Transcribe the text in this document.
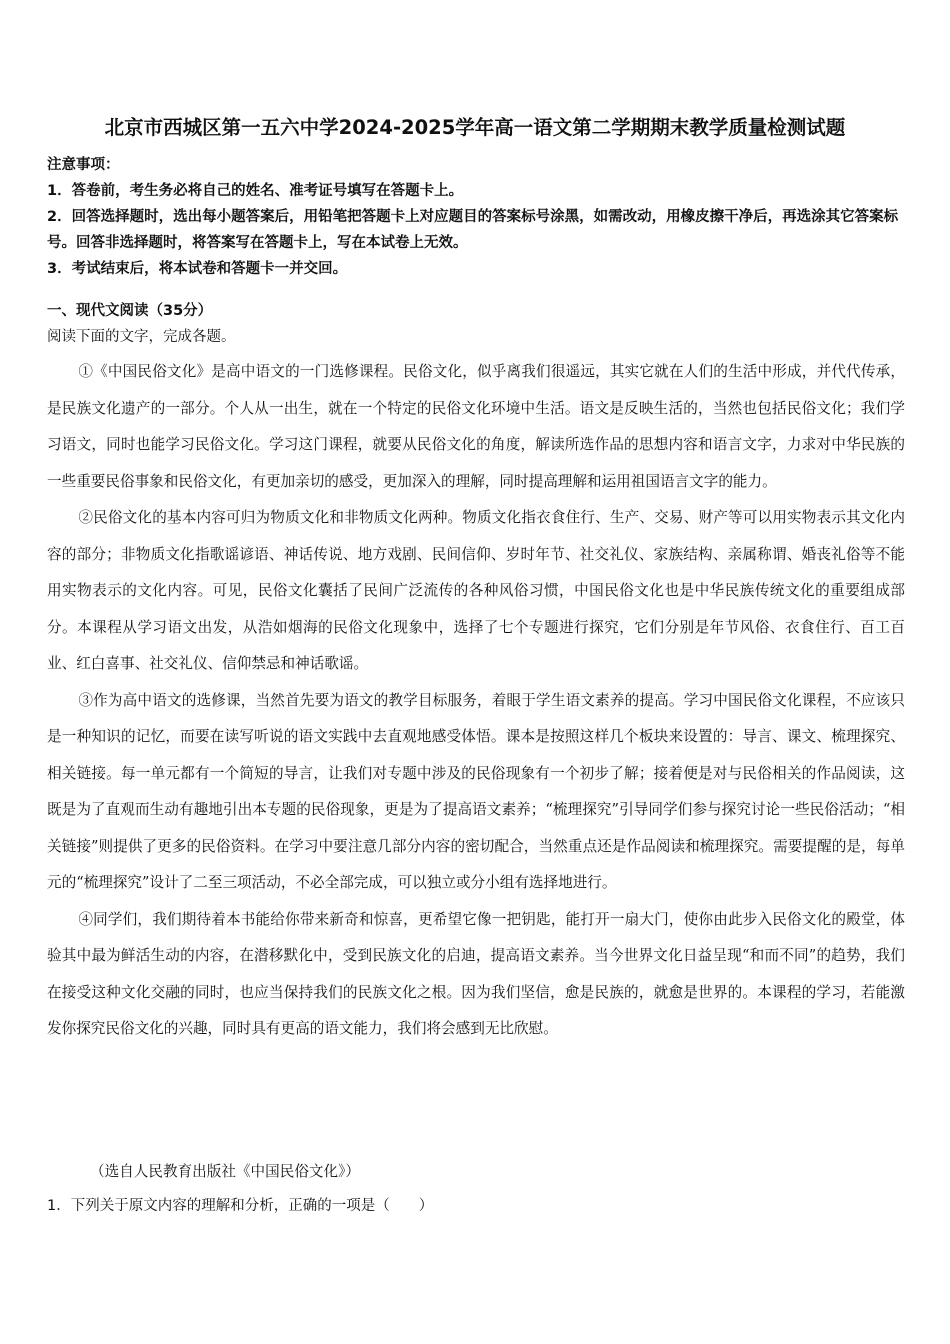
北京市西城区第一五六中学2024-2025学年高一语文第二学期期末教学质量检测试题

注意事项：

1．答卷前，考生务必将自己的姓名、准考证号填写在答题卡上。

2．回答选择题时，选出每小题答案后，用铅笔把答题卡上对应题目的答案标号涂黑，如需改动，用橡皮擦干净后，再选涂其它答案标号。回答非选择题时，将答案写在答题卡上，写在本试卷上无效。

3．考试结束后，将本试卷和答题卡一并交回。

一、现代文阅读（35分）

阅读下面的文字，完成各题。

①《中国民俗文化》是高中语文的一门选修课程。民俗文化，似乎离我们很遥远，其实它就在人们的生活中形成，并代代传承，是民族文化遗产的一部分。个人从一出生，就在一个特定的民俗文化环境中生活。语文是反映生活的，当然也包括民俗文化；我们学习语文，同时也能学习民俗文化。学习这门课程，就要从民俗文化的角度，解读所选作品的思想内容和语言文字，力求对中华民族的一些重要民俗事象和民俗文化，有更加亲切的感受，更加深入的理解，同时提高理解和运用祖国语言文字的能力。

②民俗文化的基本内容可归为物质文化和非物质文化两种。物质文化指衣食住行、生产、交易、财产等可以用实物表示其文化内容的部分；非物质文化指歌谣谚语、神话传说、地方戏剧、民间信仰、岁时年节、社交礼仪、家族结构、亲属称谓、婚丧礼俗等不能用实物表示的文化内容。可见，民俗文化囊括了民间广泛流传的各种风俗习惯，中国民俗文化也是中华民族传统文化的重要组成部分。本课程从学习语文出发，从浩如烟海的民俗文化现象中，选择了七个专题进行探究，它们分别是年节风俗、衣食住行、百工百业、红白喜事、社交礼仪、信仰禁忌和神话歌谣。

③作为高中语文的选修课，当然首先要为语文的教学目标服务，着眼于学生语文素养的提高。学习中国民俗文化课程，不应该只是一种知识的记忆，而要在读写听说的语文实践中去直观地感受体悟。课本是按照这样几个板块来设置的：导言、课文、梳理探究、相关链接。每一单元都有一个简短的导言，让我们对专题中涉及的民俗现象有一个初步了解；接着便是对与民俗相关的作品阅读，这既是为了直观而生动有趣地引出本专题的民俗现象，更是为了提高语文素养；“梳理探究”引导同学们参与探究讨论一些民俗活动；“相关链接”则提供了更多的民俗资料。在学习中要注意几部分内容的密切配合，当然重点还是作品阅读和梳理探究。需要提醒的是，每单元的“梳理探究”设计了二至三项活动，不必全部完成，可以独立或分小组有选择地进行。

④同学们，我们期待着本书能给你带来新奇和惊喜，更希望它像一把钥匙，能打开一扇大门，使你由此步入民俗文化的殿堂，体验其中最为鲜活生动的内容，在潜移默化中，受到民族文化的启迪，提高语文素养。当今世界文化日益呈现“和而不同”的趋势，我们在接受这种文化交融的同时，也应当保持我们的民族文化之根。因为我们坚信，愈是民族的，就愈是世界的。本课程的学习，若能激发你探究民俗文化的兴趣，同时具有更高的语文能力，我们将会感到无比欣慰。

（选自人民教育出版社《中国民俗文化》）
1．下列关于原文内容的理解和分析，正确的一项是（　　）
